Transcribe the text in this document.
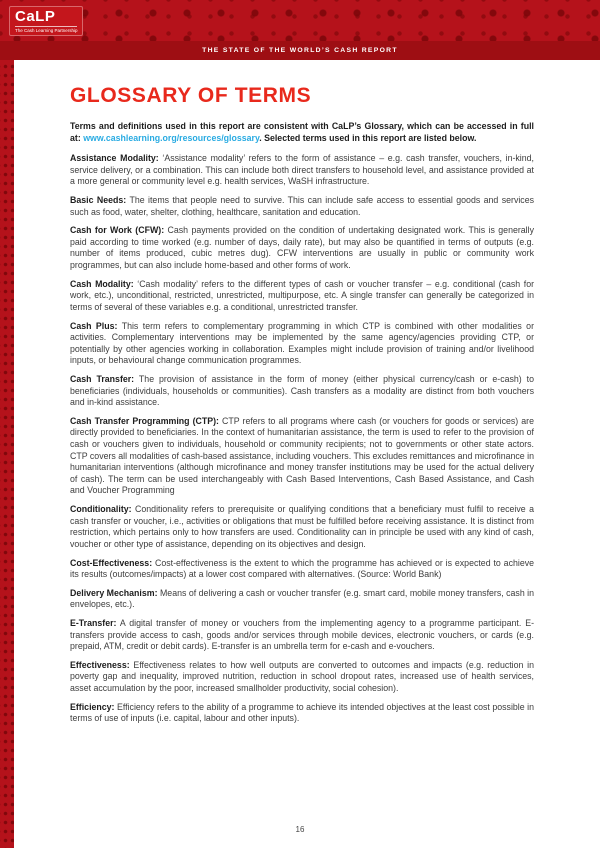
CaLP
The Cash Learning Partnership
THE STATE OF THE WORLD’S CASH REPORT
GLOSSARY OF TERMS

Terms and definitions used in this report are consistent with CaLP’s Glossary, which can be accessed in full at: www.cashlearning.org/resources/glossary. Selected terms used in this report are listed below.

Assistance Modality: ‘Assistance modality’ refers to the form of assistance – e.g. cash transfer, vouchers, in-kind, service delivery, or a combination. This can include both direct transfers to household level, and assistance provided at a more general or community level e.g. health services, WaSH infrastructure.

Basic Needs: The items that people need to survive. This can include safe access to essential goods and services such as food, water, shelter, clothing, healthcare, sanitation and education.

Cash for Work (CFW): Cash payments provided on the condition of undertaking designated work. This is generally paid according to time worked (e.g. number of days, daily rate), but may also be quantified in terms of outputs (e.g. number of items produced, cubic metres dug). CFW interventions are usually in public or community work programmes, but can also include home-based and other forms of work.

Cash Modality: ‘Cash modality’ refers to the different types of cash or voucher transfer – e.g. conditional (cash for work, etc.), unconditional, restricted, unrestricted, multipurpose, etc. A single transfer can generally be categorized in terms of several of these variables e.g. a conditional, unrestricted transfer.

Cash Plus: This term refers to complementary programming in which CTP is combined with other modalities or activities. Complementary interventions may be implemented by the same agency/agencies providing CTP, or potentially by other agencies working in collaboration. Examples might include provision of training and/or livelihood inputs, or behavioural change communication programmes.

Cash Transfer: The provision of assistance in the form of money (either physical currency/cash or e-cash) to beneficiaries (individuals, households or communities). Cash transfers as a modality are distinct from both vouchers and in-kind assistance.

Cash Transfer Programming (CTP): CTP refers to all programs where cash (or vouchers for goods or services) are directly provided to beneficiaries. In the context of humanitarian assistance, the term is used to refer to the provision of cash or vouchers given to individuals, household or community recipients; not to governments or other state actors. CTP covers all modalities of cash-based assistance, including vouchers. This excludes remittances and microfinance in humanitarian interventions (although microfinance and money transfer institutions may be used for the actual delivery of cash). The term can be used interchangeably with Cash Based Interventions, Cash Based Assistance, and Cash and Voucher Programming

Conditionality: Conditionality refers to prerequisite or qualifying conditions that a beneficiary must fulfil to receive a cash transfer or voucher, i.e., activities or obligations that must be fulfilled before receiving assistance. It is distinct from restriction, which pertains only to how transfers are used. Conditionality can in principle be used with any kind of cash, voucher or other type of assistance, depending on its objectives and design.

Cost-Effectiveness: Cost-effectiveness is the extent to which the programme has achieved or is expected to achieve its results (outcomes/impacts) at a lower cost compared with alternatives. (Source: World Bank)

Delivery Mechanism: Means of delivering a cash or voucher transfer (e.g. smart card, mobile money transfers, cash in envelopes, etc.).

E-Transfer: A digital transfer of money or vouchers from the implementing agency to a programme participant. E-transfers provide access to cash, goods and/or services through mobile devices, electronic vouchers, or cards (e.g. prepaid, ATM, credit or debit cards). E-transfer is an umbrella term for e-cash and e-vouchers.

Effectiveness: Effectiveness relates to how well outputs are converted to outcomes and impacts (e.g. reduction in poverty gap and inequality, improved nutrition, reduction in school dropout rates, increased use of health services, asset accumulation by the poor, increased smallholder productivity, social cohesion).

Efficiency: Efficiency refers to the ability of a programme to achieve its intended objectives at the least cost possible in terms of use of inputs (i.e. capital, labour and other inputs).

16
